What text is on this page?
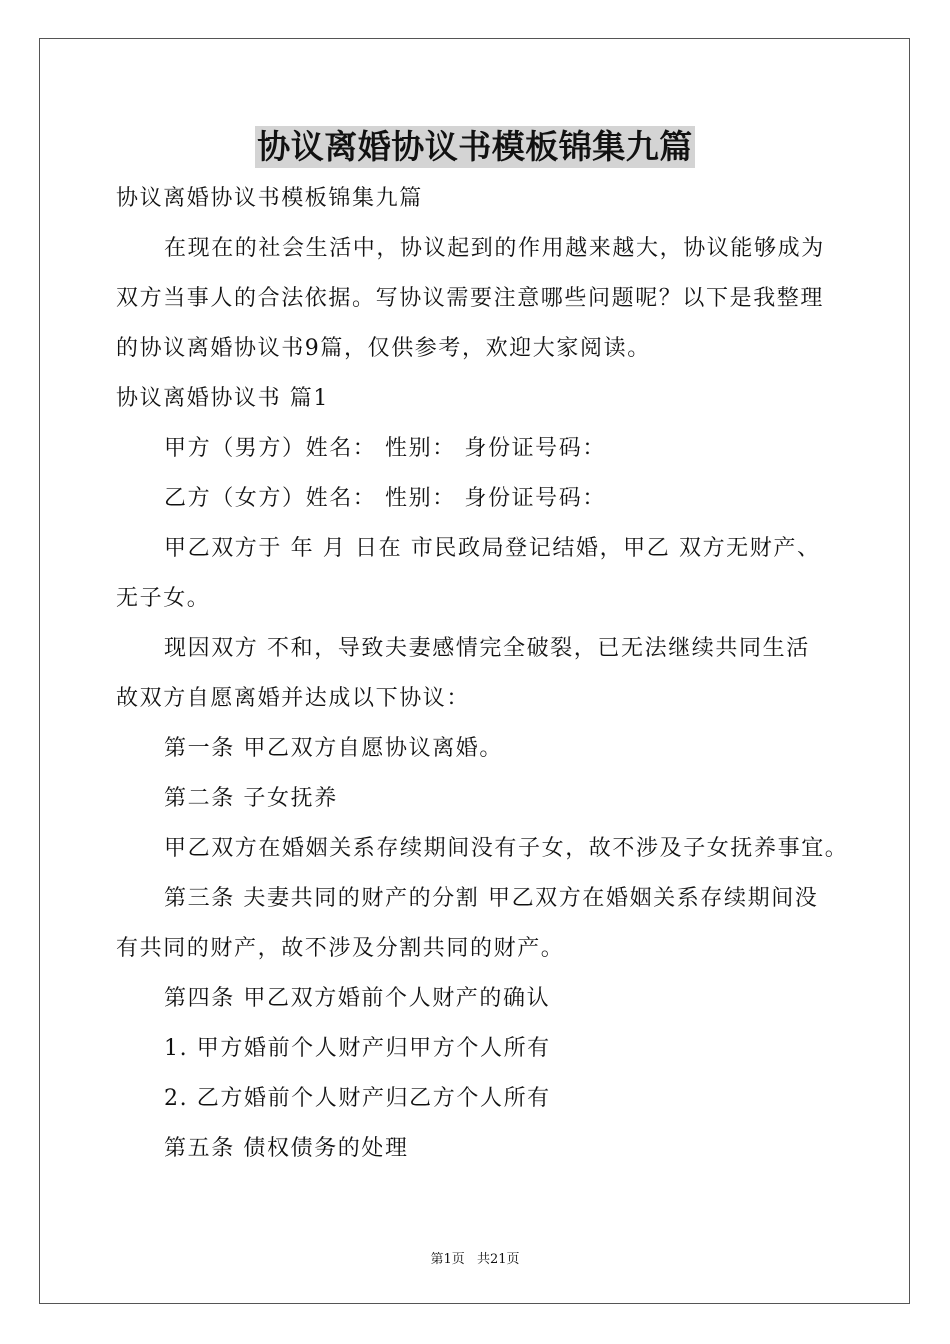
协议离婚协议书模板锦集九篇
协议离婚协议书模板锦集九篇
在现在的社会生活中，协议起到的作用越来越大，协议能够成为
双方当事人的合法依据。写协议需要注意哪些问题呢？以下是我整理
的协议离婚协议书9篇，仅供参考，欢迎大家阅读。
协议离婚协议书 篇1
甲方（男方）姓名： 性别： 身份证号码：
乙方（女方）姓名： 性别： 身份证号码：
甲乙双方于 年 月 日在 市民政局登记结婚，甲乙 双方无财产、
无子女。
现因双方 不和，导致夫妻感情完全破裂，已无法继续共同生活
故双方自愿离婚并达成以下协议：
第一条 甲乙双方自愿协议离婚。
第二条 子女抚养
甲乙双方在婚姻关系存续期间没有子女，故不涉及子女抚养事宜。
第三条 夫妻共同的财产的分割 甲乙双方在婚姻关系存续期间没
有共同的财产，故不涉及分割共同的财产。
第四条 甲乙双方婚前个人财产的确认
1. 甲方婚前个人财产归甲方个人所有
2. 乙方婚前个人财产归乙方个人所有
第五条 债权债务的处理
第1页 共21页
